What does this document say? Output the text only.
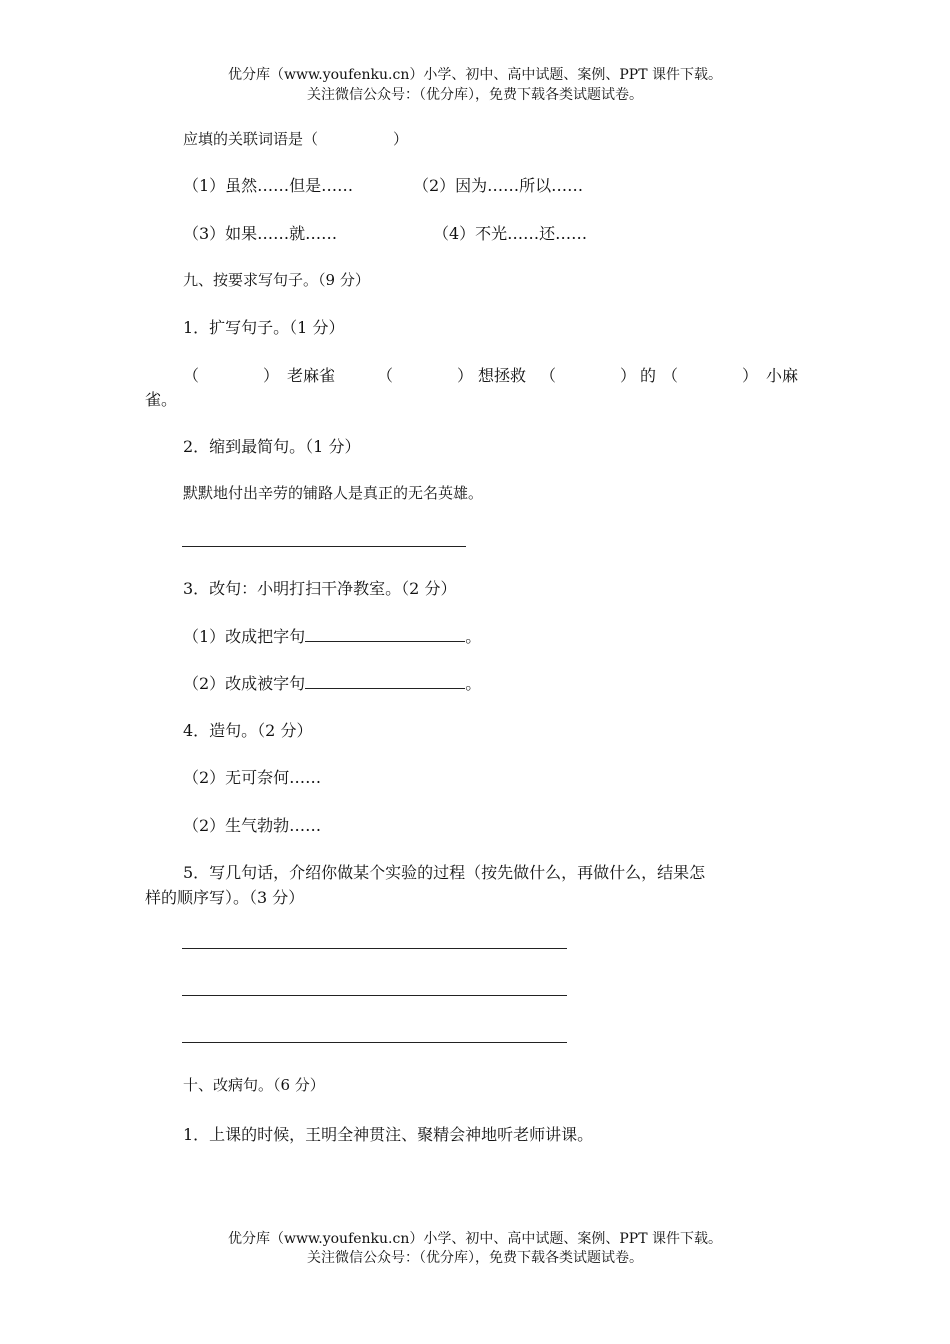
优分库（www.youfenku.cn）小学、初中、高中试题、案例、PPT 课件下载。
关注微信公众号：（优分库），免费下载各类试题试卷。
应填的关联词语是（　　　　　）
（1）虽然……但是……	（2）因为……所以……
（3）如果……就……	（4）不光……还……
九、按要求写句子。（9 分）
1．扩写句子。（1 分）
（　　　　） 老麻雀	（　　　　） 想拯救 （　　　　） 的 （　　　　） 小麻
雀。
2．缩到最简句。（1 分）
默默地付出辛劳的铺路人是真正的无名英雄。
3．改句：小明打扫干净教室。（2 分）
（1）改成把字句	。
（2）改成被字句	。
4．造句。（2 分）
（2）无可奈何……
（2）生气勃勃……
5．写几句话，介绍你做某个实验的过程（按先做什么，再做什么，结果怎
样的顺序写）。（3 分）
十、改病句。（6 分）
1．上课的时候，王明全神贯注、聚精会神地听老师讲课。
优分库（www.youfenku.cn）小学、初中、高中试题、案例、PPT 课件下载。
关注微信公众号：（优分库），免费下载各类试题试卷。
